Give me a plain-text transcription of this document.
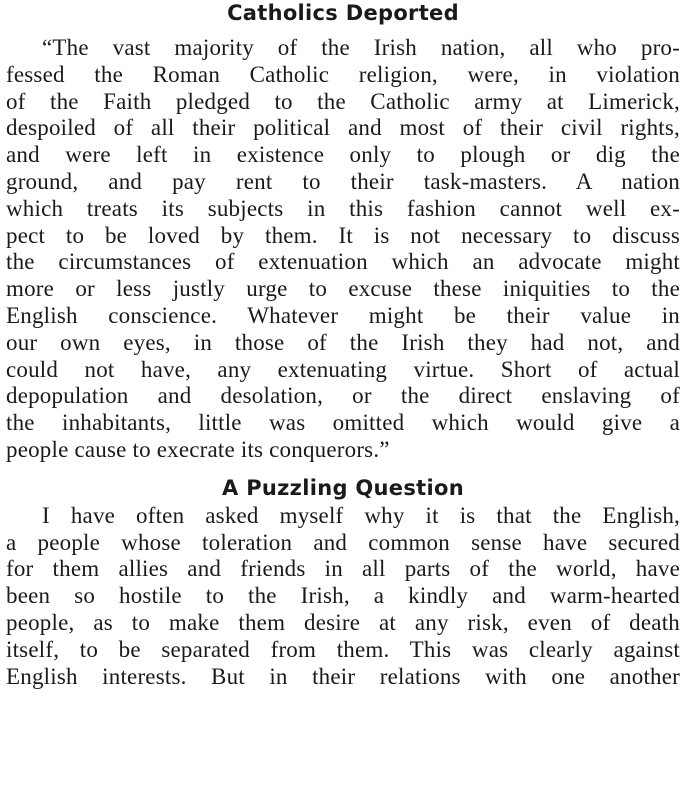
Catholics Deported

“The vast majority of the Irish nation, all who pro-
fessed the Roman Catholic religion, were, in violation
of the Faith pledged to the Catholic army at Limerick,
despoiled of all their political and most of their civil rights,
and were left in existence only to plough or dig the
ground, and pay rent to their task-masters. A nation
which treats its subjects in this fashion cannot well ex-
pect to be loved by them. It is not necessary to discuss
the circumstances of extenuation which an advocate might
more or less justly urge to excuse these iniquities to the
English conscience. Whatever might be their value in
our own eyes, in those of the Irish they had not, and
could not have, any extenuating virtue. Short of actual
depopulation and desolation, or the direct enslaving of
the inhabitants, little was omitted which would give a
people cause to execrate its conquerors.”

A Puzzling Question

I have often asked myself why it is that the English,
a people whose toleration and common sense have secured
for them allies and friends in all parts of the world, have
been so hostile to the Irish, a kindly and warm-hearted
people, as to make them desire at any risk, even of death
itself, to be separated from them. This was clearly against
English interests. But in their relations with one another
